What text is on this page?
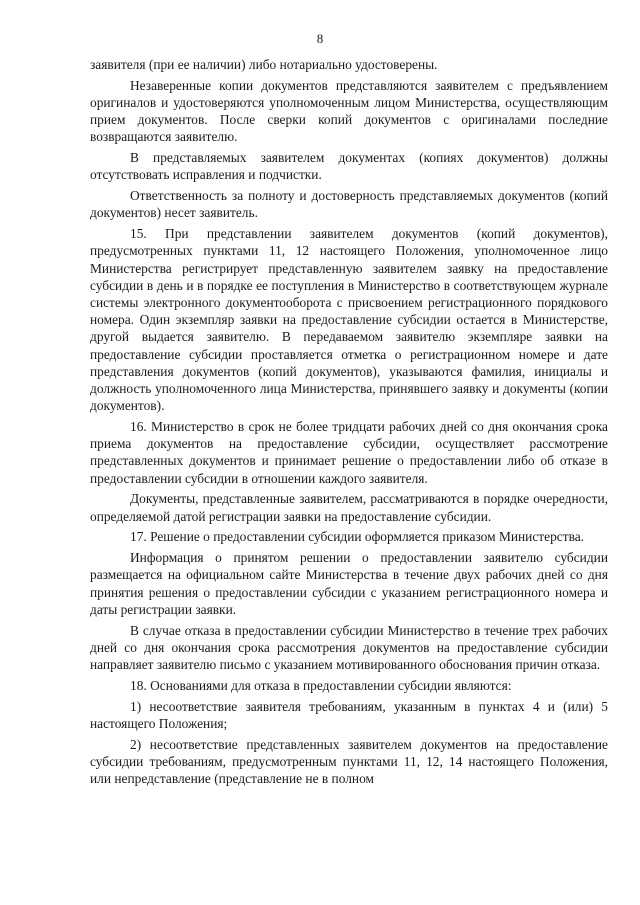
8

заявителя (при ее наличии) либо нотариально удостоверены.

Незаверенные копии документов представляются заявителем с предъявлением оригиналов и удостоверяются уполномоченным лицом Министерства, осуществляющим прием документов. После сверки копий документов с оригиналами последние возвращаются заявителю.

В представляемых заявителем документах (копиях документов) должны отсутствовать исправления и подчистки.

Ответственность за полноту и достоверность представляемых документов (копий документов) несет заявитель.

15. При представлении заявителем документов (копий документов), предусмотренных пунктами 11, 12 настоящего Положения, уполномоченное лицо Министерства регистрирует представленную заявителем заявку на предоставление субсидии в день и в порядке ее поступления в Министерство в соответствующем журнале системы электронного документооборота с присвоением регистрационного порядкового номера. Один экземпляр заявки на предоставление субсидии остается в Министерстве, другой выдается заявителю. В передаваемом заявителю экземпляре заявки на предоставление субсидии проставляется отметка о регистрационном номере и дате представления документов (копий документов), указываются фамилия, инициалы и должность уполномоченного лица Министерства, принявшего заявку и документы (копии документов).

16. Министерство в срок не более тридцати рабочих дней со дня окончания срока приема документов на предоставление субсидии, осуществляет рассмотрение представленных документов и принимает решение о предоставлении либо об отказе в предоставлении субсидии в отношении каждого заявителя.

Документы, представленные заявителем, рассматриваются в порядке очередности, определяемой датой регистрации заявки на предоставление субсидии.

17. Решение о предоставлении субсидии оформляется приказом Министерства.

Информация о принятом решении о предоставлении заявителю субсидии размещается на официальном сайте Министерства в течение двух рабочих дней со дня принятия решения о предоставлении субсидии с указанием регистрационного номера и даты регистрации заявки.

В случае отказа в предоставлении субсидии Министерство в течение трех рабочих дней со дня окончания срока рассмотрения документов на предоставление субсидии направляет заявителю письмо с указанием мотивированного обоснования причин отказа.

18. Основаниями для отказа в предоставлении субсидии являются:

1) несоответствие заявителя требованиям, указанным в пунктах 4 и (или) 5 настоящего Положения;

2) несоответствие представленных заявителем документов на предоставление субсидии требованиям, предусмотренным пунктами 11, 12, 14 настоящего Положения, или непредставление (представление не в полном
